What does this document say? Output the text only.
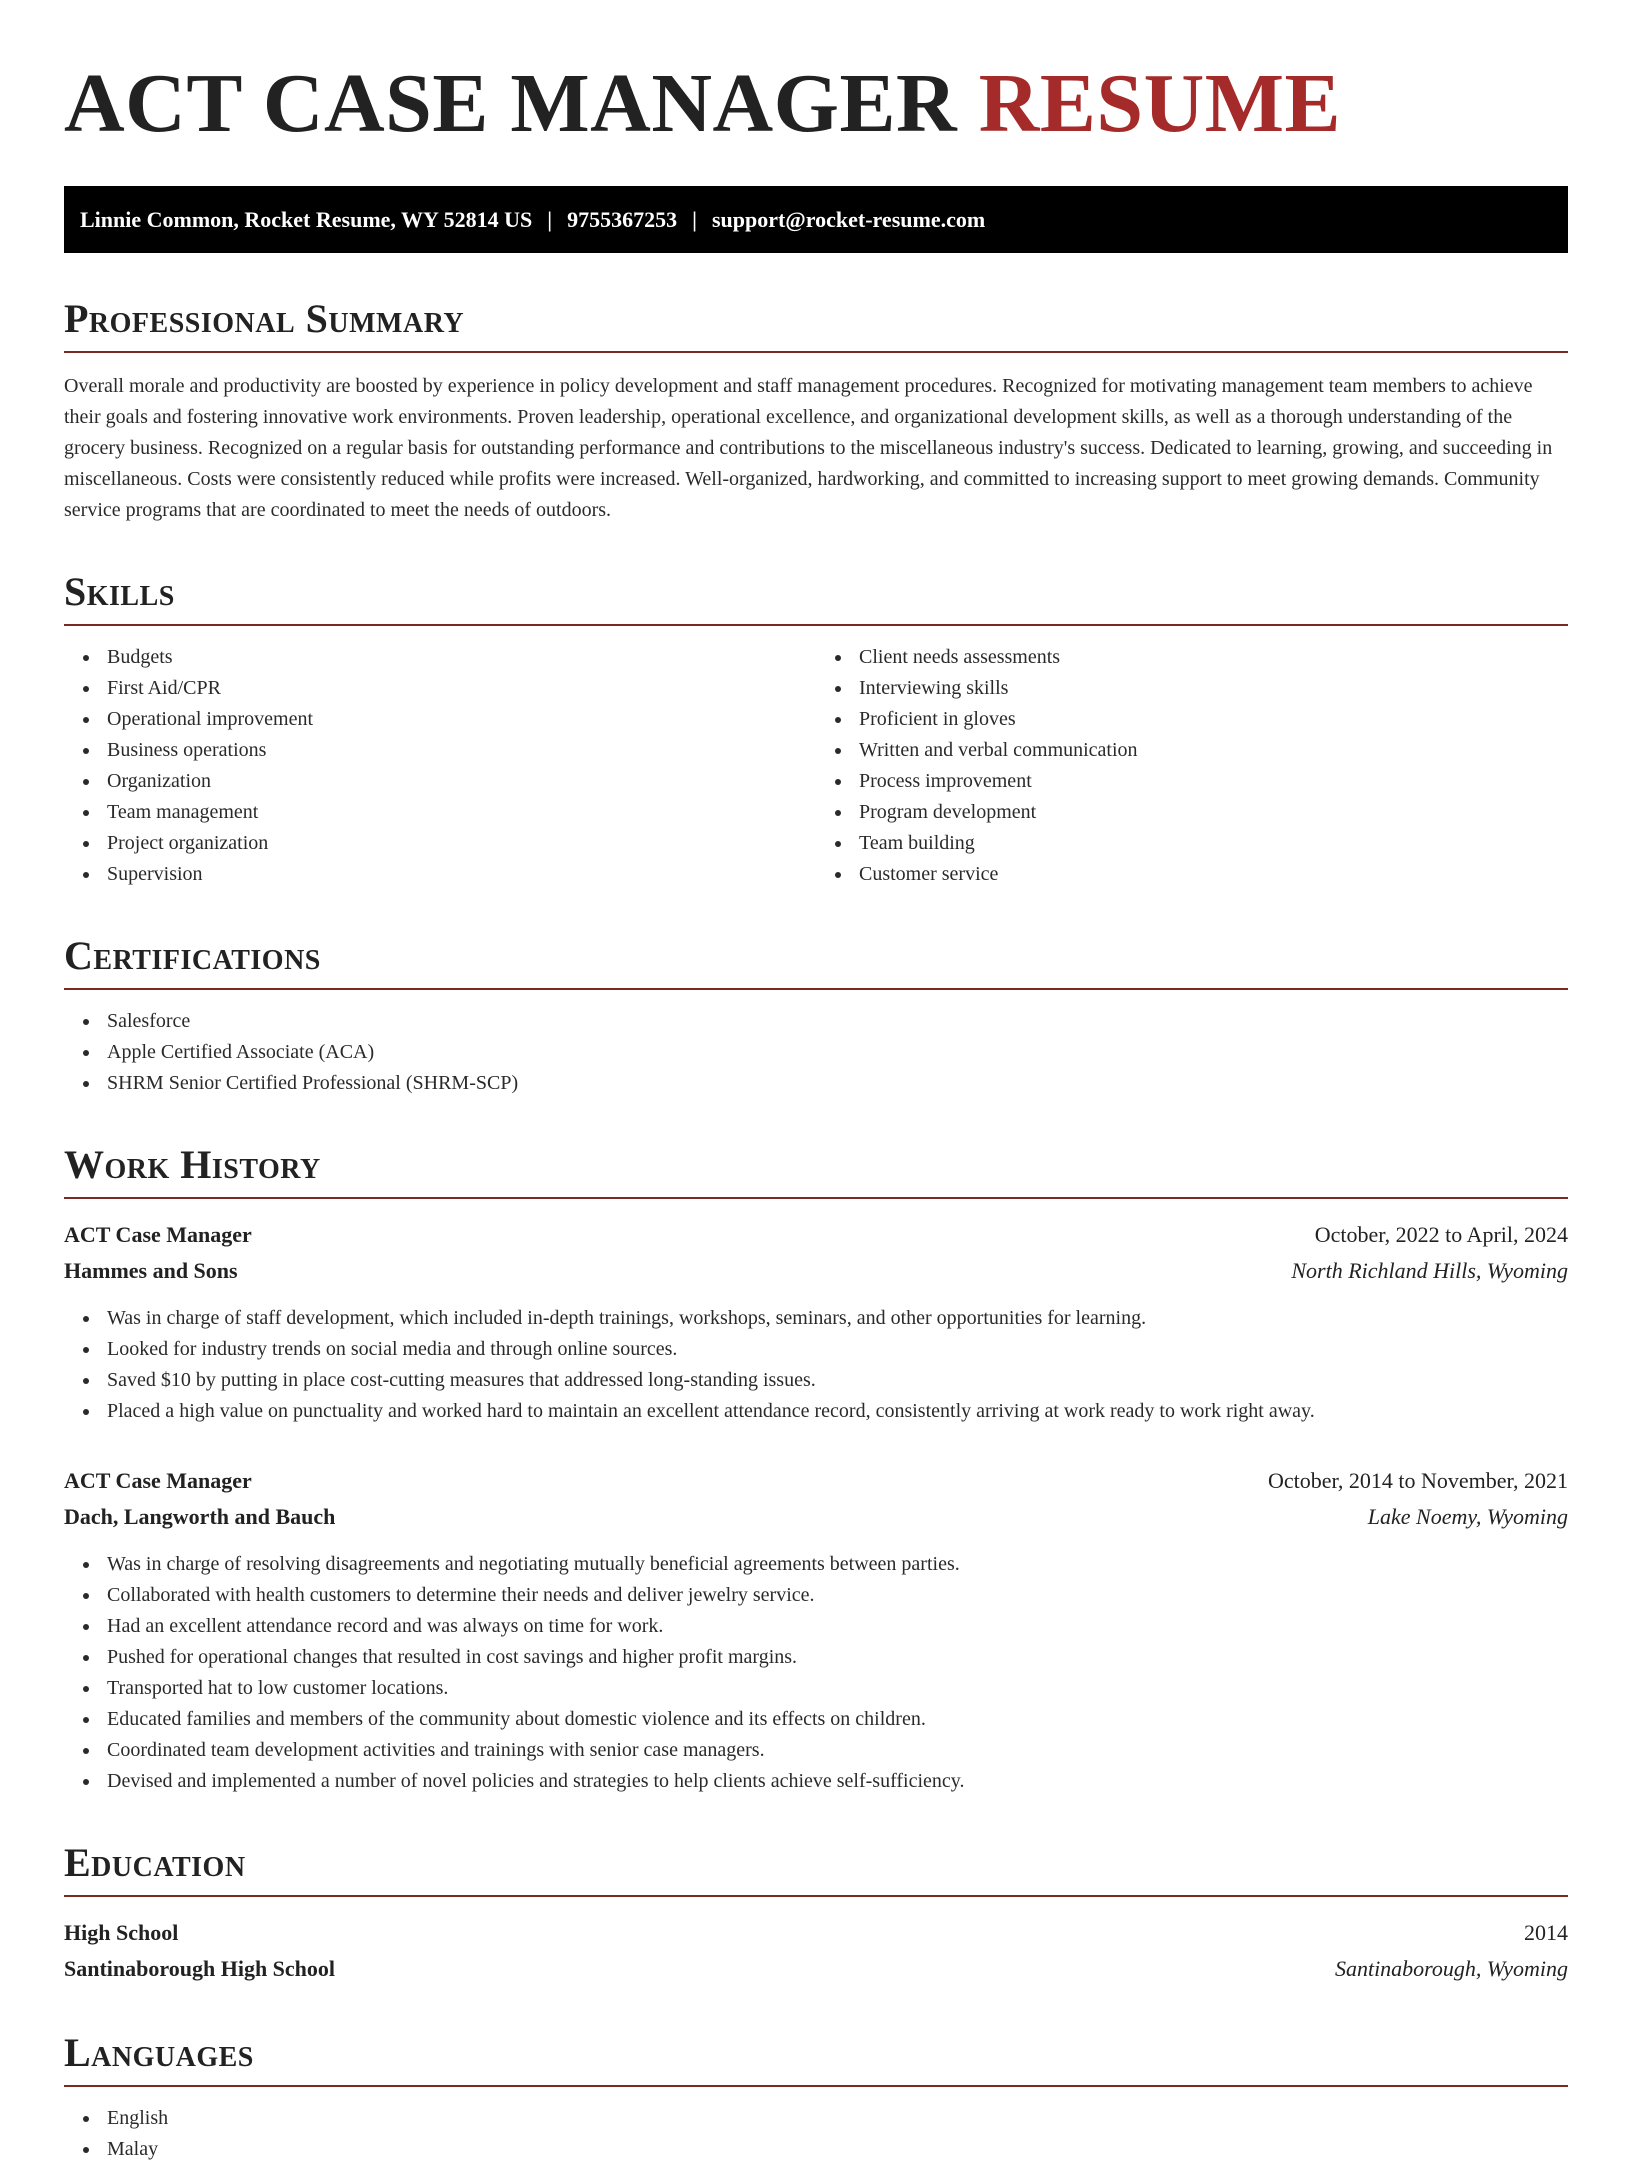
ACT CASE MANAGER RESUME
Linnie Common, Rocket Resume, WY 52814 US | 9755367253 | support@rocket-resume.com
Professional Summary

Overall morale and productivity are boosted by experience in policy development and staff management procedures. Recognized for motivating management team members to achieve their goals and fostering innovative work environments. Proven leadership, operational excellence, and organizational development skills, as well as a thorough understanding of the grocery business. Recognized on a regular basis for outstanding performance and contributions to the miscellaneous industry's success. Dedicated to learning, growing, and succeeding in miscellaneous. Costs were consistently reduced while profits were increased. Well-organized, hardworking, and committed to increasing support to meet growing demands. Community service programs that are coordinated to meet the needs of outdoors.

Skills
Budgets
First Aid/CPR
Operational improvement
Business operations
Organization
Team management
Project organization
Supervision
Client needs assessments
Interviewing skills
Proficient in gloves
Written and verbal communication
Process improvement
Program development
Team building
Customer service
Certifications
Salesforce
Apple Certified Associate (ACA)
SHRM Senior Certified Professional (SHRM-SCP)
Work History
ACT Case Manager	October, 2022 to April, 2024
Hammes and Sons	North Richland Hills, Wyoming
Was in charge of staff development, which included in-depth trainings, workshops, seminars, and other opportunities for learning.
Looked for industry trends on social media and through online sources.
Saved $10 by putting in place cost-cutting measures that addressed long-standing issues.
Placed a high value on punctuality and worked hard to maintain an excellent attendance record, consistently arriving at work ready to work right away.
ACT Case Manager	October, 2014 to November, 2021
Dach, Langworth and Bauch	Lake Noemy, Wyoming
Was in charge of resolving disagreements and negotiating mutually beneficial agreements between parties.
Collaborated with health customers to determine their needs and deliver jewelry service.
Had an excellent attendance record and was always on time for work.
Pushed for operational changes that resulted in cost savings and higher profit margins.
Transported hat to low customer locations.
Educated families and members of the community about domestic violence and its effects on children.
Coordinated team development activities and trainings with senior case managers.
Devised and implemented a number of novel policies and strategies to help clients achieve self-sufficiency.
Education
High School	2014
Santinaborough High School	Santinaborough, Wyoming
Languages
English
Malay
